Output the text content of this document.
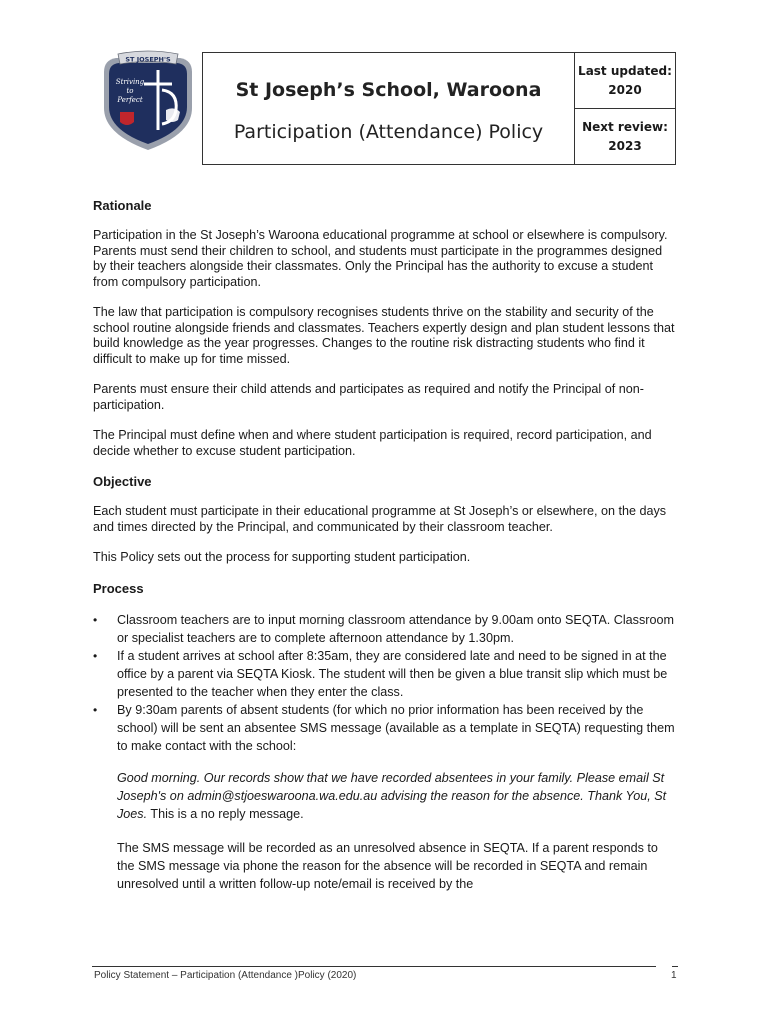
ST JOSEPH'S
Striving
to
Perfect	St Joseph’s School, Waroona
Participation (Attendance) Policy
Last updated:
2020
Next review:
2023
Rationale

Participation in the St Joseph’s Waroona educational programme at school or elsewhere is compulsory. Parents must send their children to school, and students must participate in the programmes designed by their teachers alongside their classmates. Only the Principal has the authority to excuse a student from compulsory participation.

The law that participation is compulsory recognises students thrive on the stability and security of the school routine alongside friends and classmates. Teachers expertly design and plan student lessons that build knowledge as the year progresses. Changes to the routine risk distracting students who find it difficult to make up for time missed.

Parents must ensure their child attends and participates as required and notify the Principal of non-participation.

The Principal must define when and where student participation is required, record participation, and decide whether to excuse student participation.

Objective

Each student must participate in their educational programme at St Joseph’s or elsewhere, on the days and times directed by the Principal, and communicated by their classroom teacher.

This Policy sets out the process for supporting student participation.

Process
• Classroom teachers are to input morning classroom attendance by 9.00am onto SEQTA. Classroom or specialist teachers are to complete afternoon attendance by 1.30pm.
• If a student arrives at school after 8:35am, they are considered late and need to be signed in at the office by a parent via SEQTA Kiosk. The student will then be given a blue transit slip which must be presented to the teacher when they enter the class.
• By 9:30am parents of absent students (for which no prior information has been received by the school) will be sent an absentee SMS message (available as a template in SEQTA) requesting them to make contact with the school:
Good morning. Our records show that we have recorded absentees in your family. Please email St Joseph's on admin@stjoeswaroona.wa.edu.au advising the reason for the absence. Thank You, St Joes. This is a no reply message.
The SMS message will be recorded as an unresolved absence in SEQTA. If a parent responds to the SMS message via phone the reason for the absence will be recorded in SEQTA and remain unresolved until a written follow-up note/email is received by the
Policy Statement – Participation (Attendance )Policy (2020)	1
